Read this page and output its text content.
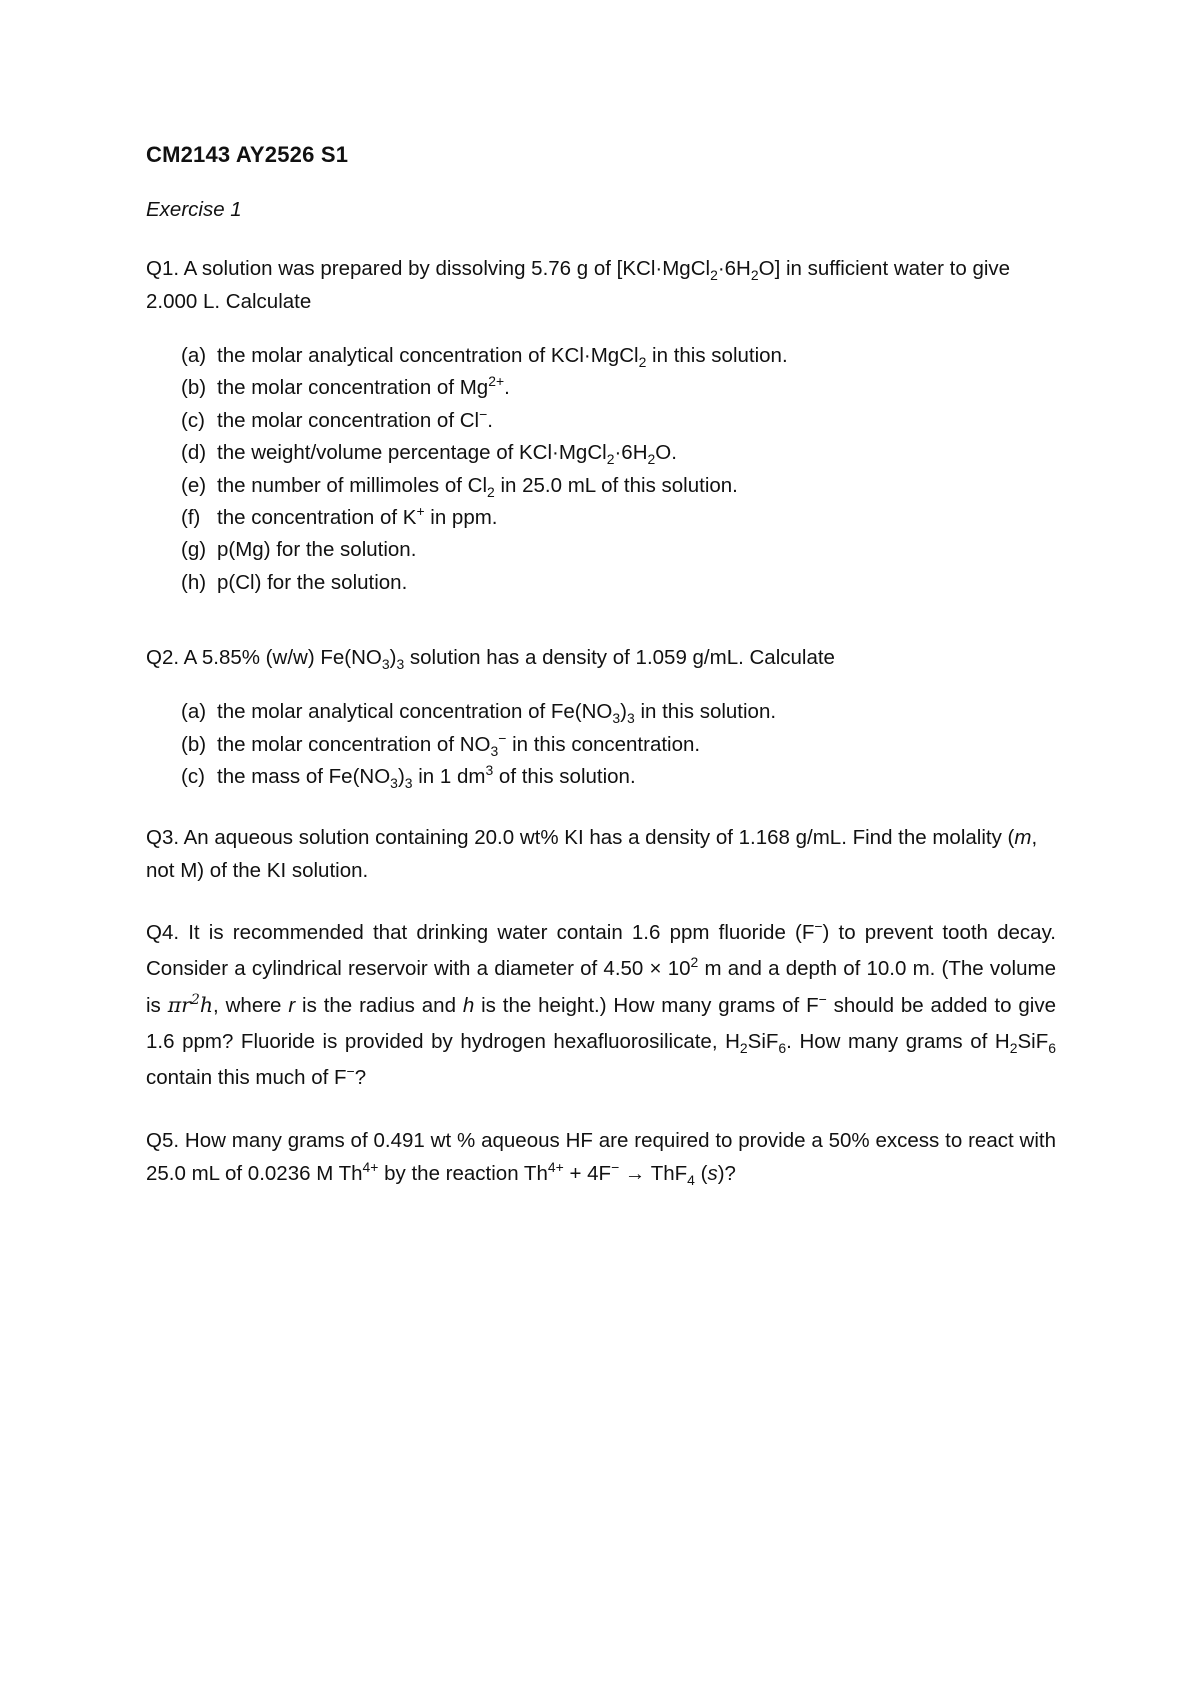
CM2143 AY2526 S1

Exercise 1

Q1. A solution was prepared by dissolving 5.76 g of $[KCl\cdot MgCl_2\cdot 6H_2O]$ in sufficient water to give 2.000 L. Calculate

(a) the molar analytical concentration of KCl·MgCl$_2$ in this solution.
(b) the molar concentration of $Mg^{2+}$.
(c) the molar concentration of Cl−.
(d) the weight/volume percentage of $KCl\cdot MgCl_2\cdot 6H_2O$.
(e) the number of millimoles of $Cl_2$ in 25.0 mL of this solution.
(f) the concentration of K+ in ppm.
(g) p(Mg) for the solution.
(h) p(Cl) for the solution.

Q2. A 5.85% (w/w) $Fe(NO_3)_3$ solution has a density of 1.059 g/mL. Calculate

(a) the molar analytical concentration of $Fe(NO_3)_3$ in this solution.
(b) the molar concentration of $NO_3^-$ in this concentration.
(c) the mass of $Fe(NO_3)_3$ in 1 $dm^3$ of this solution.

Q3. An aqueous solution containing 20.0 wt% KI has a density of 1.168 g/mL. Find the molality (m, not M) of the KI solution.

Q4. It is recommended that drinking water contain 1.6 ppm fluoride (F−) to prevent tooth decay. Consider a cylindrical reservoir with a diameter of $4.50 \times 10^2$ m and a depth of 10.0 m. (The volume is $\pi r^2h$, where r is the radius and h is the height.) How many grams of F− should be added to give 1.6 ppm? Fluoride is provided by hydrogen hexafluorosilicate, $H_2SiF_6$. How many grams of $H_2SiF_6$ contain this much of F−?

Q5. How many grams of 0.491 wt % aqueous HF are required to provide a 50% excess to react with 25.0 mL of 0.0236 M $Th^{4+}$ by the reaction $Th^{4+} + 4F^- \to ThF_4$ (s)?
